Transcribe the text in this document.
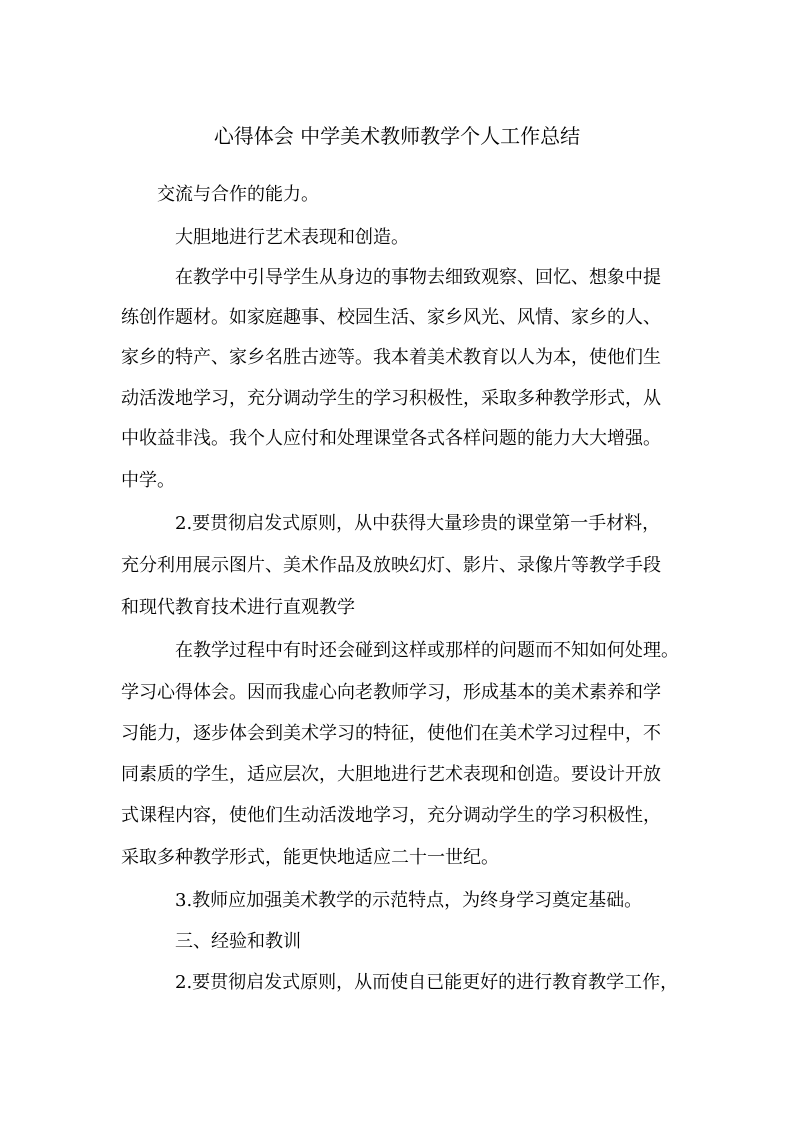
心得体会 中学美术教师教学个人工作总结
交流与合作的能力。
大胆地进行艺术表现和创造。
在教学中引导学生从身边的事物去细致观察、回忆、想象中提
练创作题材。如家庭趣事、校园生活、家乡风光、风情、家乡的人、
家乡的特产、家乡名胜古迹等。我本着美术教育以人为本，使他们生
动活泼地学习，充分调动学生的学习积极性，采取多种教学形式，从
中收益非浅。我个人应付和处理课堂各式各样问题的能力大大增强。
中学。
2.要贯彻启发式原则，从中获得大量珍贵的课堂第一手材料，
充分利用展示图片、美术作品及放映幻灯、影片、录像片等教学手段
和现代教育技术进行直观教学
在教学过程中有时还会碰到这样或那样的问题而不知如何处理。
学习心得体会。因而我虚心向老教师学习，形成基本的美术素养和学
习能力，逐步体会到美术学习的特征，使他们在美术学习过程中，不
同素质的学生，适应层次，大胆地进行艺术表现和创造。要设计开放
式课程内容，使他们生动活泼地学习，充分调动学生的学习积极性，
采取多种教学形式，能更快地适应二十一世纪。
3.教师应加强美术教学的示范特点，为终身学习奠定基础。
三、经验和教训
2.要贯彻启发式原则，从而使自已能更好的进行教育教学工作，
